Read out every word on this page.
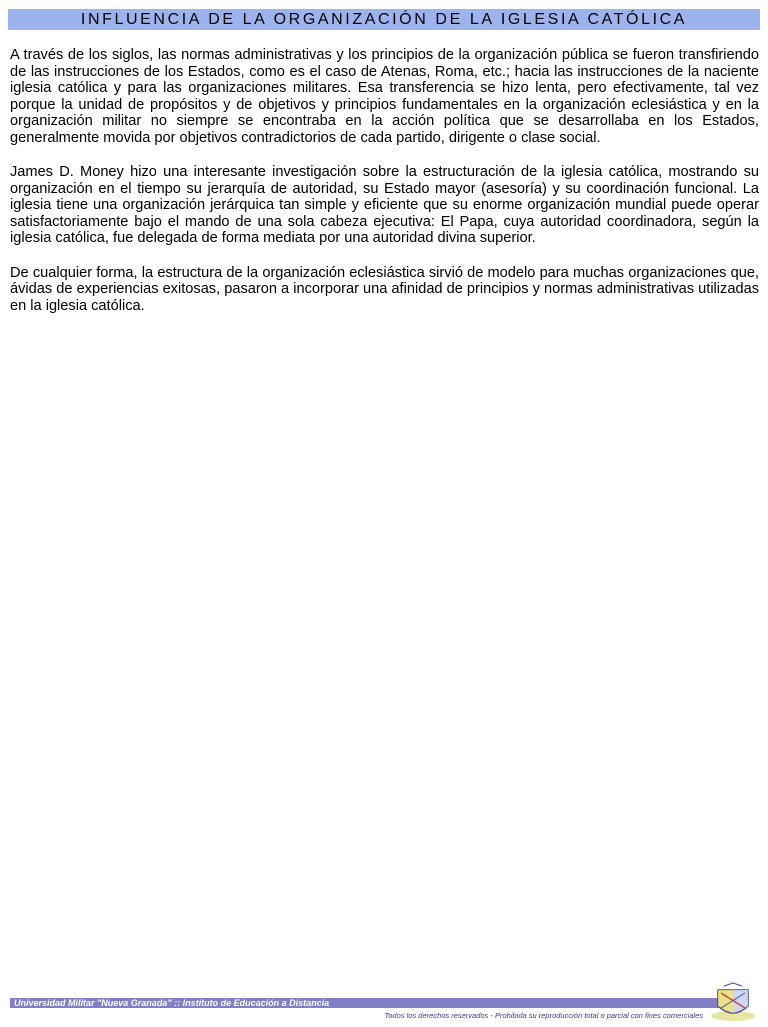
INFLUENCIA DE LA ORGANIZACIÓN DE LA IGLESIA CATÓLICA

A través de los siglos, las normas administrativas y los principios de la organización pública se fueron transfiriendo de las instrucciones de los Estados, como es el caso de Atenas, Roma, etc.; hacia las instrucciones de la naciente iglesia católica y para las organizaciones militares. Esa transferencia se hizo lenta, pero efectivamente, tal vez porque la unidad de propósitos y de objetivos y principios fundamentales en la organización eclesiástica y en la organización militar no siempre se encontraba en la acción política que se desarrollaba en los Estados, generalmente movida por objetivos contradictorios de cada partido, dirigente o clase social.

James D. Money hizo una interesante investigación sobre la estructuración de la iglesia católica, mostrando su organización en el tiempo su jerarquía de autoridad, su Estado mayor (asesoría) y su coordinación funcional. La iglesia tiene una organización jerárquica tan simple y eficiente que su enorme organización mundial puede operar satisfactoriamente bajo el mando de una sola cabeza ejecutiva: El Papa, cuya autoridad coordinadora, según la iglesia católica, fue delegada de forma mediata por una autoridad divina superior.

De cualquier forma, la estructura de la organización eclesiástica sirvió de modelo para muchas organizaciones que, ávidas de experiencias exitosas, pasaron a incorporar una afinidad de principios y normas administrativas utilizadas en la iglesia católica.

Universidad Militar "Nueva Granada" :: Instituto de Educación a Distancia
Todos los derechos reservados - Prohibida su reproducción total o parcial con fines comerciales
